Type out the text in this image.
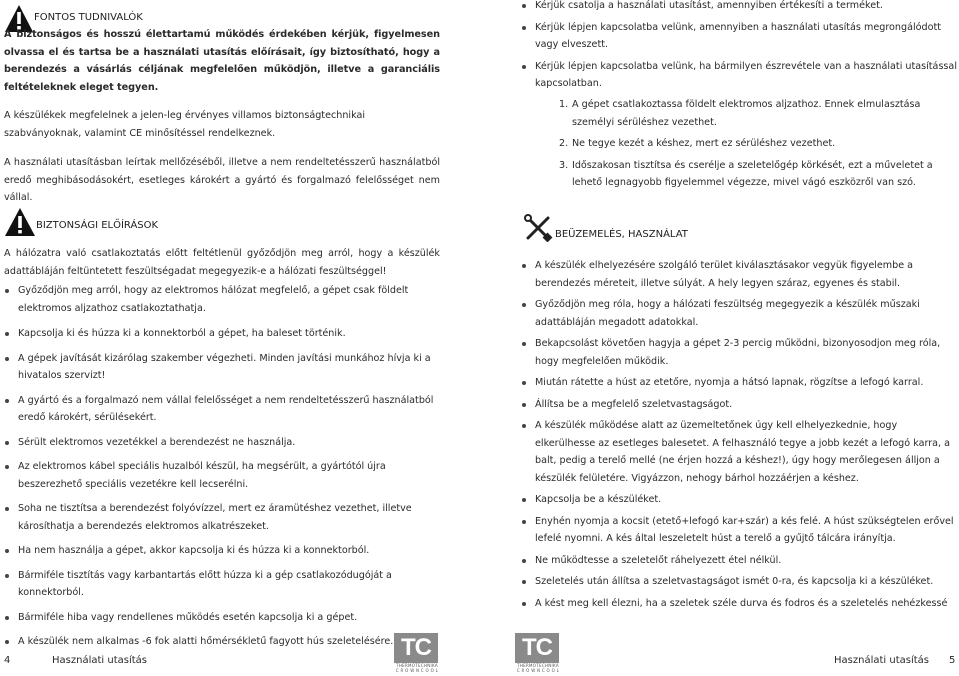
FONTOS TUDNIVALÓK

A biztonságos és hosszú élettartamú működés érdekében kérjük, figyelmesen olvassa el és tartsa be a használati utasítás előírásait, így biztosítható, hogy a berendezés a vásárlás céljának megfelelően működjön, illetve a garanciális feltételeknek eleget tegyen.

A készülékek megfelelnek a jelen-leg érvényes villamos biztonságtechnikai szabványoknak, valamint CE minősítéssel rendelkeznek.

A használati utasításban leírtak mellőzéséből, illetve a nem rendeltetésszerű használatból eredő meghibásodásokért, esetleges károkért a gyártó és forgalmazó felelősséget nem vállal.

BIZTONSÁGI ELŐÍRÁSOK

A hálózatra való csatlakoztatás előtt feltétlenül győződjön meg arról, hogy a készülék adattábláján feltüntetett feszültségadat megegyezik-e a hálózati feszültséggel!

Győződjön meg arról, hogy az elektromos hálózat megfelelő, a gépet csak földelt elektromos aljzathoz csatlakoztathatja.
Kapcsolja ki és húzza ki a konnektorból a gépet, ha baleset történik.
A gépek javítását kizárólag szakember végezheti. Minden javítási munkához hívja ki a hivatalos szervizt!
A gyártó és a forgalmazó nem vállal felelősséget a nem rendeltetésszerű használatból eredő károkért, sérülésekért.
Sérült elektromos vezetékkel a berendezést ne használja.
Az elektromos kábel speciális huzalból készül, ha megsérült, a gyártótól újra beszerezhető speciális vezetékre kell lecserélni.
Soha ne tisztítsa a berendezést folyóvízzel, mert ez áramütéshez vezethet, illetve károsíthatja a berendezés elektromos alkatrészeket.
Ha nem használja a gépet, akkor kapcsolja ki és húzza ki a konnektorból.
Bármiféle tisztítás vagy karbantartás előtt húzza ki a gép csatlakozódugóját a konnektorból.
Bármiféle hiba vagy rendellenes működés esetén kapcsolja ki a gépet.
A készülék nem alkalmas -6 fok alatti hőmérsékletű fagyott hús szeletelésére.
Kérjük csatolja a használati utasítást, amennyiben értékesíti a terméket.
Kérjük lépjen kapcsolatba velünk, amennyiben a használati utasítás megrongálódott vagy elveszett.
Kérjük lépjen kapcsolatba velünk, ha bármilyen észrevétele van a használati utasítással kapcsolatban.
1. A gépet csatlakoztassa földelt elektromos aljzathoz. Ennek elmulasztása személyi sérüléshez vezethet.
2. Ne tegye kezét a késhez, mert ez sérüléshez vezethet.
3. Időszakosan tisztítsa és cserélje a szeletelőgép körkését, ezt a műveletet a lehető legnagyobb figyelemmel végezze, mivel vágó eszközről van szó.
BEÜZEMELÉS, HASZNÁLAT
A készülék elhelyezésére szolgáló terület kiválasztásakor vegyük figyelembe a berendezés méreteit, illetve súlyát. A hely legyen száraz, egyenes és stabil.
Győződjön meg róla, hogy a hálózati feszültség megegyezik a készülék műszaki adattábláján megadott adatokkal.
Bekapcsolást követően hagyja a gépet 2-3 percig működni, bizonyosodjon meg róla, hogy megfelelően működik.
Miután rátette a húst az etetőre, nyomja a hátsó lapnak, rögzítse a lefogó karral.
Állítsa be a megfelelő szeletvastagságot.
A készülék működése alatt az üzemeltetőnek úgy kell elhelyezkednie, hogy elkerülhesse az esetleges balesetet. A felhasználó tegye a jobb kezét a lefogó karra, a balt, pedig a terelő mellé (ne érjen hozzá a késhez!), úgy hogy merőlegesen álljon a készülék felületére. Vigyázzon, nehogy bárhol hozzáérjen a késhez.
Kapcsolja be a készüléket.
Enyhén nyomja a kocsit (etető+lefogó kar+szár) a kés felé. A húst szükségtelen erővel lefelé nyomni. A kés által leszeletelt húst a terelő a gyűjtő tálcára irányítja.
Ne működtesse a szeletelőt ráhelyezett étel nélkül.
Szeletelés után állítsa a szeletvastagságot ismét 0-ra, és kapcsolja ki a készüléket.
A kést meg kell élezni, ha a szeletek széle durva és fodros és a szeletelés nehézkessé
4	Használati utasítás	TC
THERMOTECHNIKA
C R O W N C O O L
TC
THERMOTECHNIKA
C R O W N C O O L
Használati utasítás 5
